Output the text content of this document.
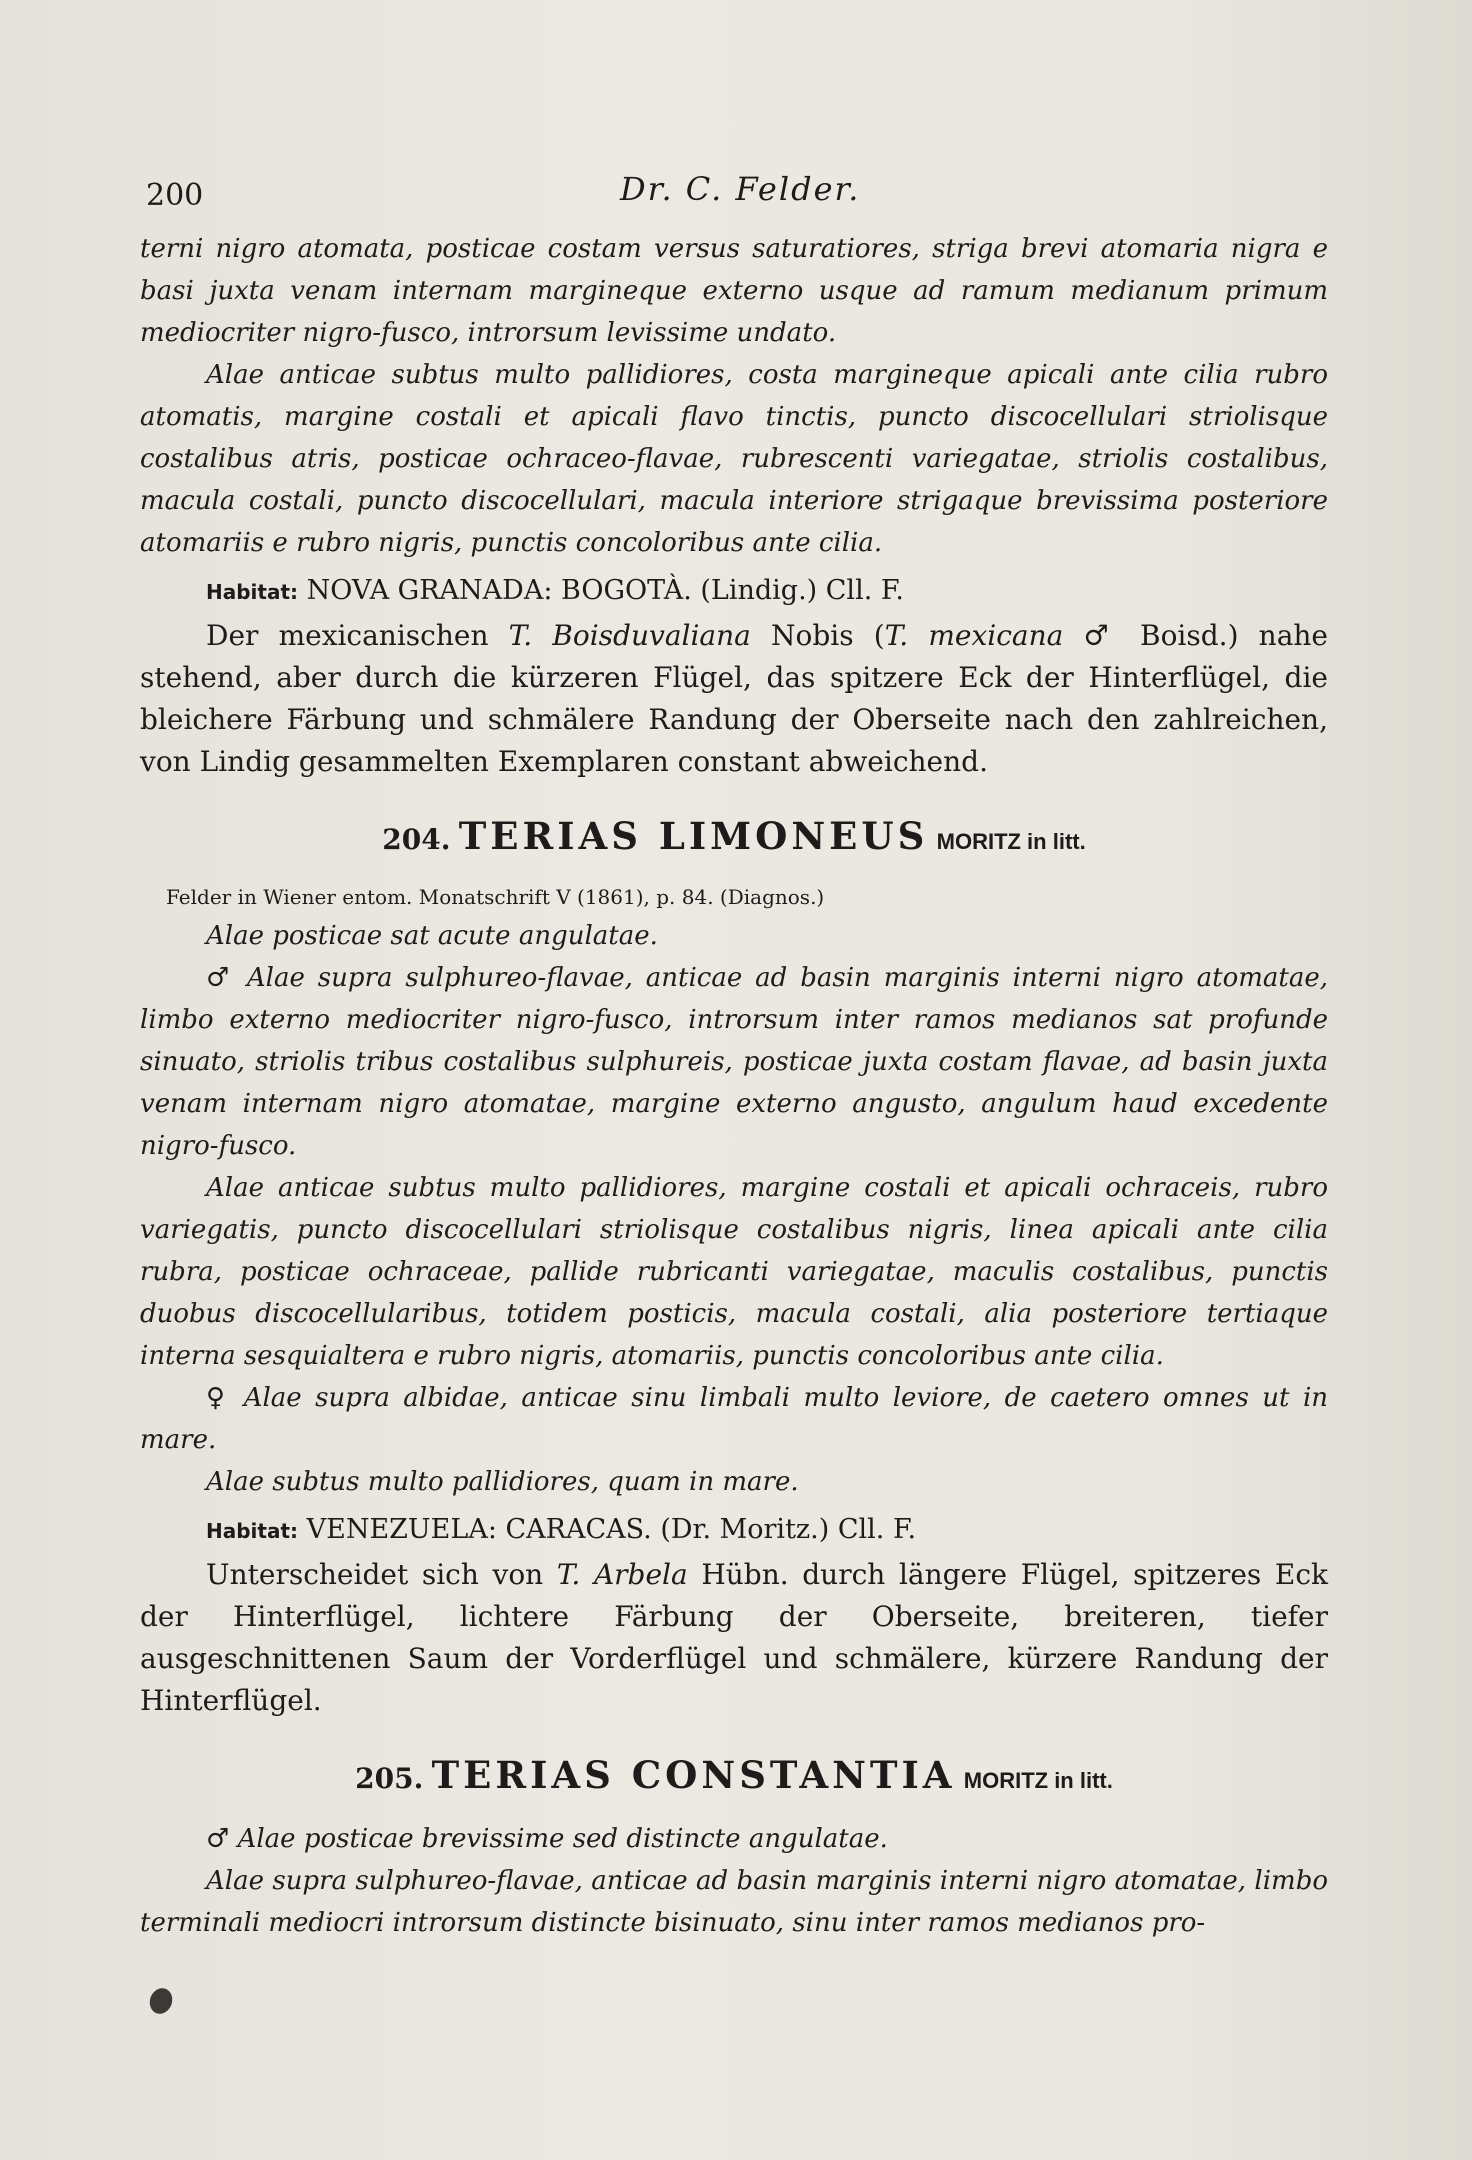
200	Dr. C. Felder.

terni nigro atomata, posticae costam versus saturatiores, striga brevi atomaria nigra e basi juxta venam internam margineque externo usque ad ramum medianum primum mediocriter nigro-fusco, introrsum levissime undato.

Alae anticae subtus multo pallidiores, costa margineque apicali ante cilia rubro atomatis, margine costali et apicali flavo tinctis, puncto discocellulari striolisque costalibus atris, posticae ochraceo-flavae, rubrescenti variegatae, striolis costalibus, macula costali, puncto discocellulari, macula interiore strigaque brevissima posteriore atomariis e rubro nigris, punctis concoloribus ante cilia.

Habitat: NOVA GRANADA: BOGOTÀ. (Lindig.) Cll. F.

Der mexicanischen T. Boisduvaliana Nobis (T. mexicana ♂ Boisd.) nahe stehend, aber durch die kürzeren Flügel, das spitzere Eck der Hinterflügel, die bleichere Färbung und schmälere Randung der Oberseite nach den zahlreichen, von Lindig gesammelten Exemplaren constant abweichend.

204. TERIAS LIMONEUS MORITZ in litt.

Felder in Wiener entom. Monatschrift V (1861), p. 84. (Diagnos.)

Alae posticae sat acute angulatae.

♂ Alae supra sulphureo-flavae, anticae ad basin marginis interni nigro atomatae, limbo externo mediocriter nigro-fusco, introrsum inter ramos medianos sat profunde sinuato, striolis tribus costalibus sulphureis, posticae juxta costam flavae, ad basin juxta venam internam nigro atomatae, margine externo angusto, angulum haud excedente nigro-fusco.

Alae anticae subtus multo pallidiores, margine costali et apicali ochraceis, rubro variegatis, puncto discocellulari striolisque costalibus nigris, linea apicali ante cilia rubra, posticae ochraceae, pallide rubricanti variegatae, maculis costalibus, punctis duobus discocellularibus, totidem posticis, macula costali, alia posteriore tertiaque interna sesquialtera e rubro nigris, atomariis, punctis concoloribus ante cilia.

♀ Alae supra albidae, anticae sinu limbali multo leviore, de caetero omnes ut in mare.

Alae subtus multo pallidiores, quam in mare.

Habitat: VENEZUELA: CARACAS. (Dr. Moritz.) Cll. F.

Unterscheidet sich von T. Arbela Hübn. durch längere Flügel, spitzeres Eck der Hinterflügel, lichtere Färbung der Oberseite, breiteren, tiefer ausgeschnittenen Saum der Vorderflügel und schmälere, kürzere Randung der Hinterflügel.

205. TERIAS CONSTANTIA MORITZ in litt.

♂ Alae posticae brevissime sed distincte angulatae.

Alae supra sulphureo-flavae, anticae ad basin marginis interni nigro atomatae, limbo terminali mediocri introrsum distincte bisinuato, sinu inter ramos medianos pro-
